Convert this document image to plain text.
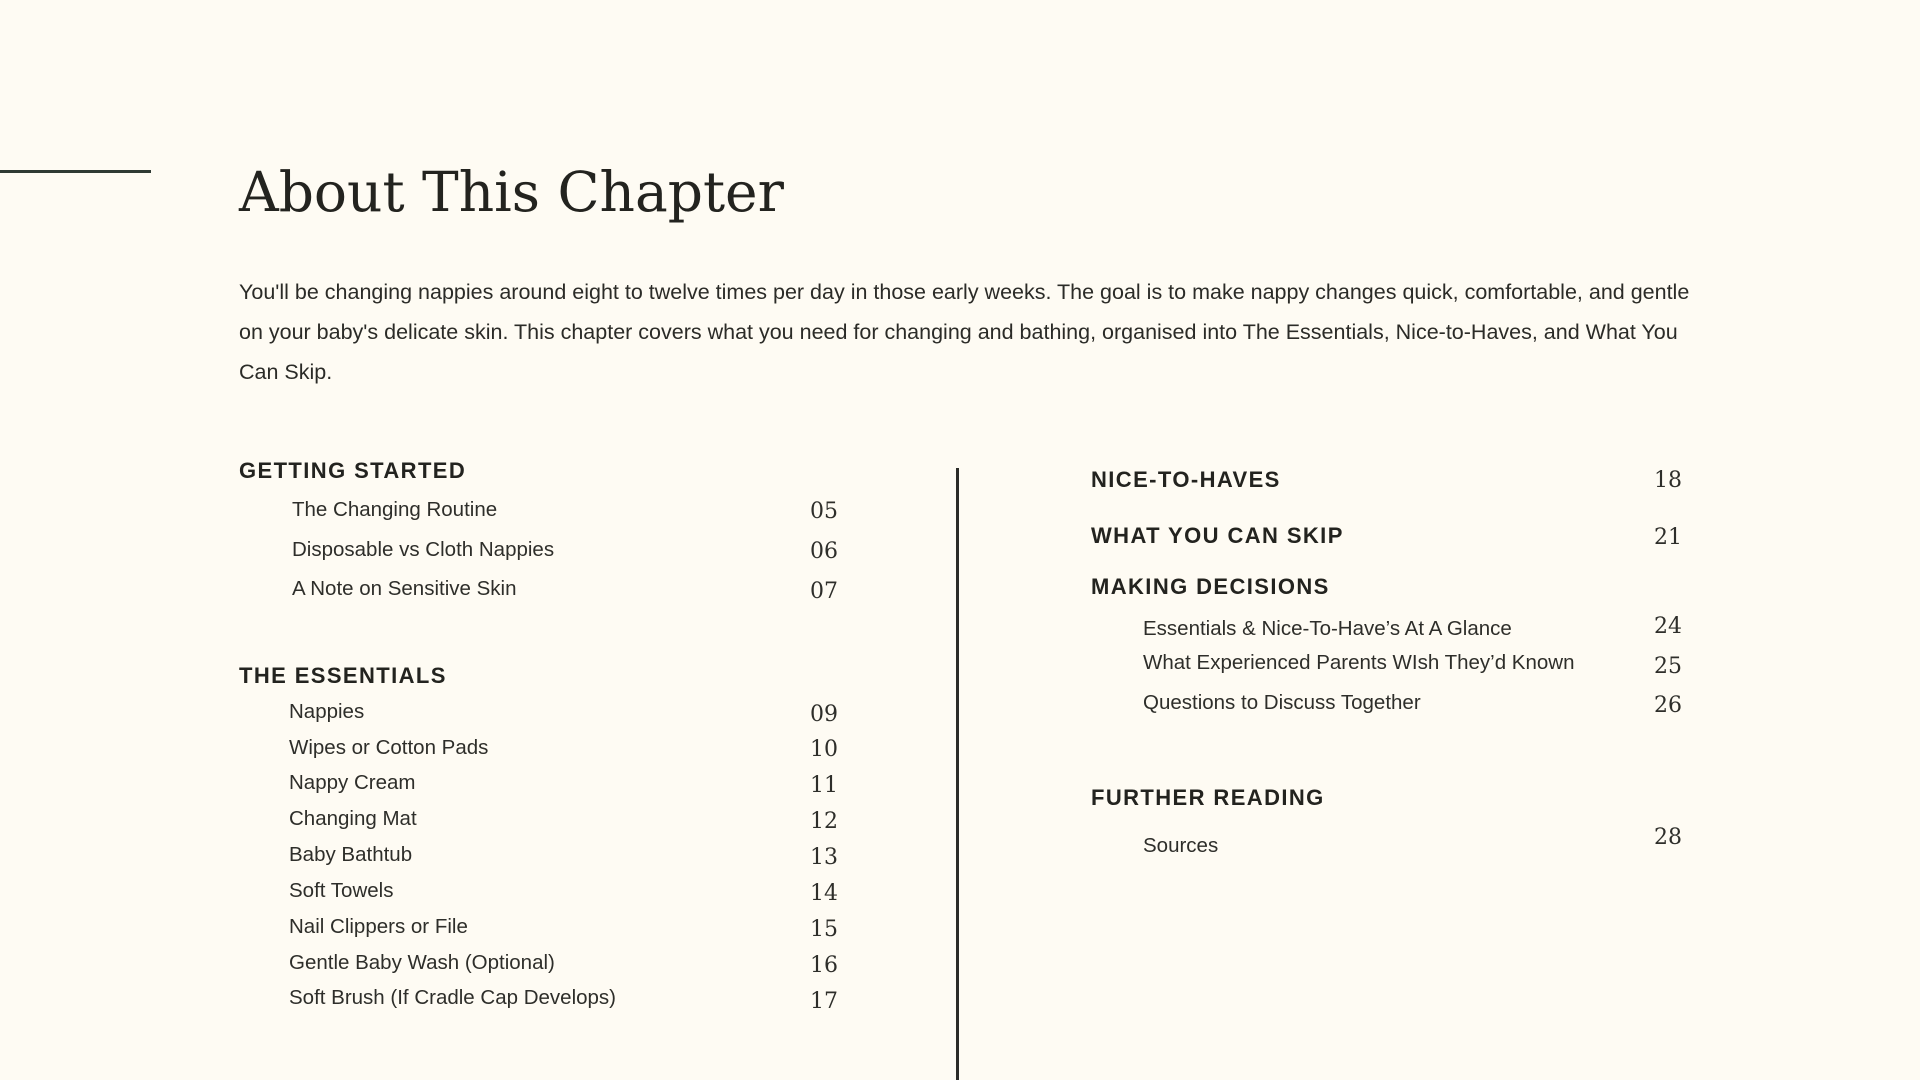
About This Chapter

You'll be changing nappies around eight to twelve times per day in those early weeks. The goal is to make nappy changes quick, comfortable, and gentle on your baby's delicate skin. This chapter covers what you need for changing and bathing, organised into The Essentials, Nice-to-Haves, and What You Can Skip.

GETTING STARTED
The Changing Routine	05
Disposable vs Cloth Nappies	06
A Note on Sensitive Skin	07
THE ESSENTIALS
Nappies	09
Wipes or Cotton Pads	10
Nappy Cream	11
Changing Mat	12
Baby Bathtub	13
Soft Towels	14
Nail Clippers or File	15
Gentle Baby Wash (Optional)	16
Soft Brush (If Cradle Cap Develops)	17
NICE-TO-HAVES	18
WHAT YOU CAN SKIP	21
MAKING DECISIONS
Essentials & Nice-To-Have’s At A Glance	24
What Experienced Parents WIsh They’d Known	25
Questions to Discuss Together	26
FURTHER READING
Sources	28
